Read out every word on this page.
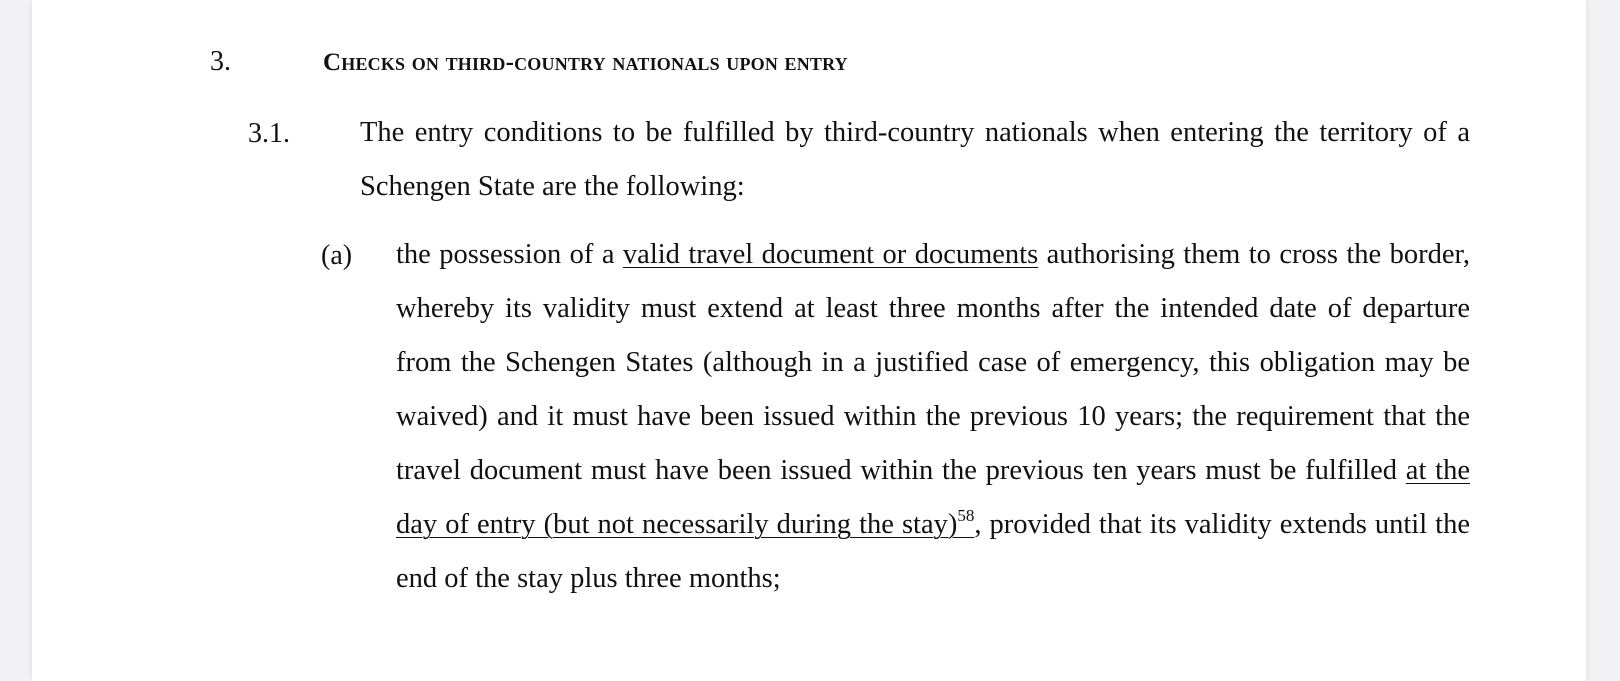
3.	Checks on third-country nationals upon entry
3.1. The entry conditions to be fulfilled by third-country nationals when entering the territory of a Schengen State are the following:
(a) the possession of a valid travel document or documents authorising them to cross the border, whereby its validity must extend at least three months after the intended date of departure from the Schengen States (although in a justified case of emergency, this obligation may be waived) and it must have been issued within the previous 10 years; the requirement that the travel document must have been issued within the previous ten years must be fulfilled at the day of entry (but not necessarily during the stay)$^{58}$, provided that its validity extends until the end of the stay plus three months;
